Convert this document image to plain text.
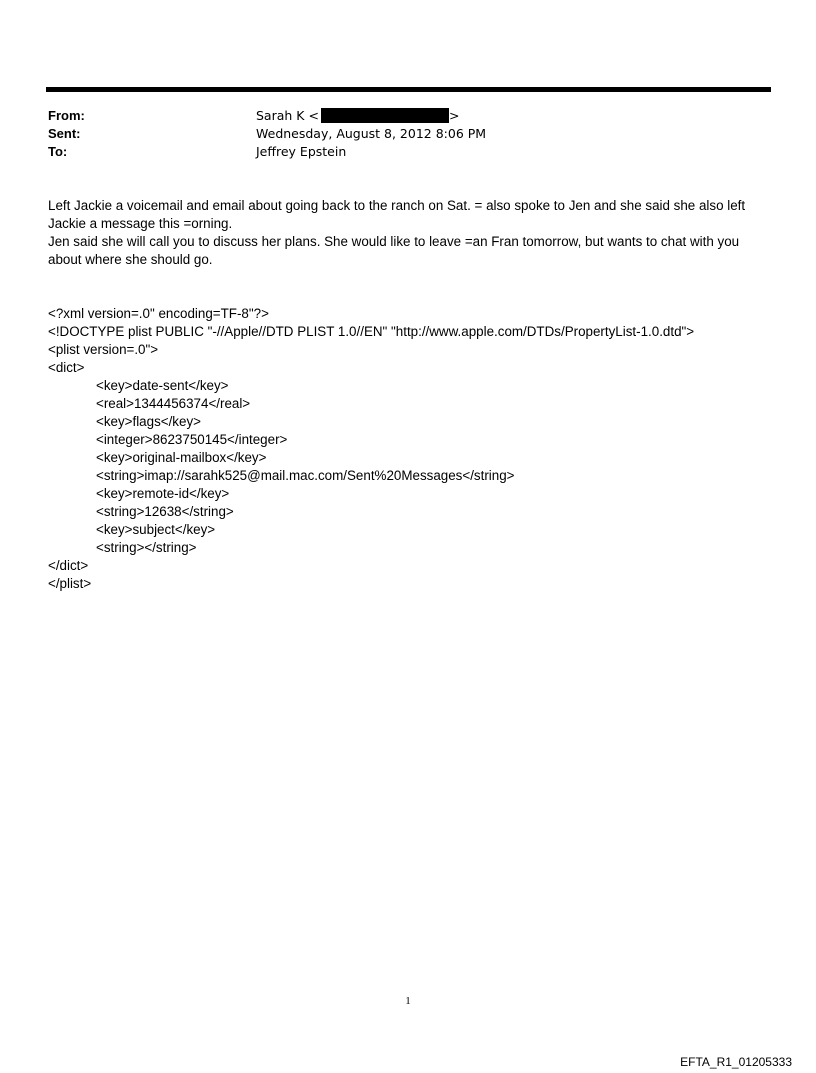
From:	Sarah K <	>
Sent:	Wednesday, August 8, 2012 8:06 PM
To:	Jeffrey Epstein

Left Jackie a voicemail and email about going back to the ranch on Sat. = also spoke to Jen and she said she also left

Jackie a message this =orning.

Jen said she will call you to discuss her plans. She would like to leave =an Fran tomorrow, but wants to chat with you

about where she should go.

<?xml version=.0" encoding=TF-8"?>
<!DOCTYPE plist PUBLIC "-//Apple//DTD PLIST 1.0//EN" "http://www.apple.com/DTDs/PropertyList-1.0.dtd">
<plist version=.0">
<dict>
<key>date-sent</key>
<real>1344456374</real>
<key>flags</key>
<integer>8623750145</integer>
<key>original-mailbox</key>
<string>imap://sarahk525@mail.mac.com/Sent%20Messages</string>
<key>remote-id</key>
<string>12638</string>
<key>subject</key>
<string></string>
</dict>
</plist>
1
EFTA_R1_01205333
